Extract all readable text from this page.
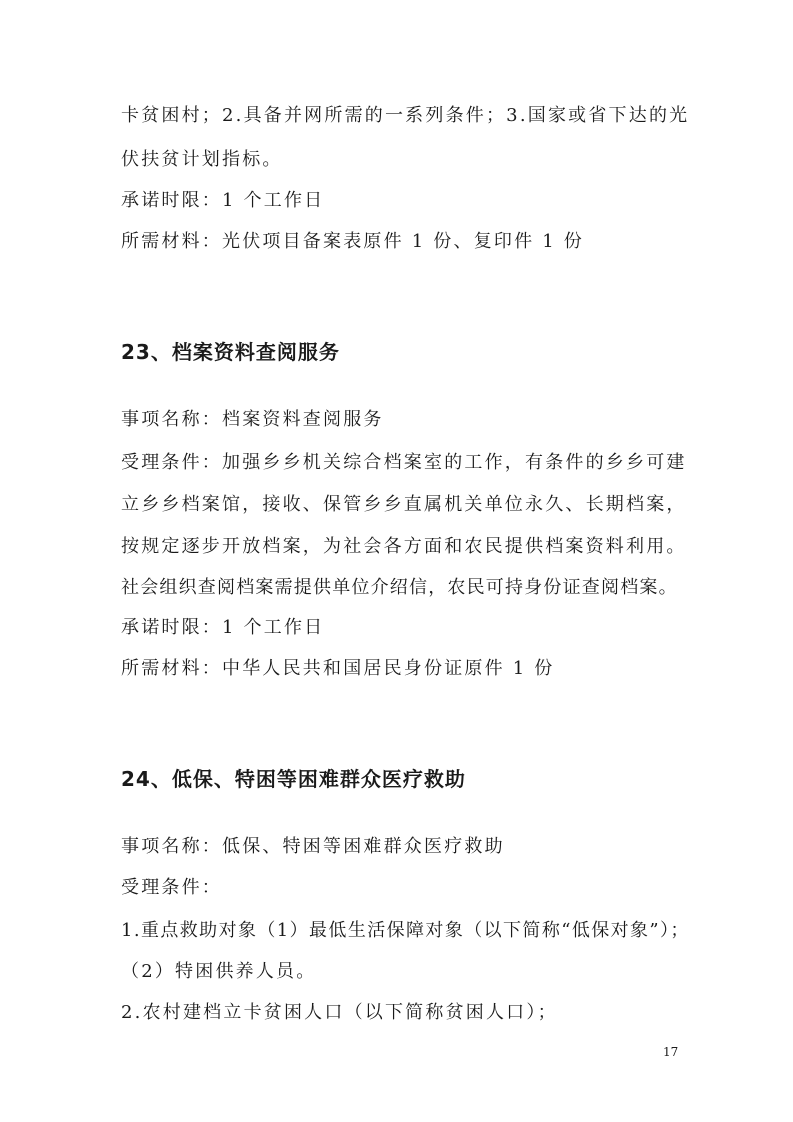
卡贫困村；2.具备并网所需的一系列条件；3.国家或省下达的光
伏扶贫计划指标。
承诺时限：1 个工作日
所需材料：光伏项目备案表原件 1 份、复印件 1 份
23、档案资料查阅服务
事项名称：档案资料查阅服务
受理条件：加强乡乡机关综合档案室的工作，有条件的乡乡可建
立乡乡档案馆，接收、保管乡乡直属机关单位永久、长期档案，
按规定逐步开放档案，为社会各方面和农民提供档案资料利用。
社会组织查阅档案需提供单位介绍信，农民可持身份证查阅档案。
承诺时限：1 个工作日
所需材料：中华人民共和国居民身份证原件 1 份
24、低保、特困等困难群众医疗救助
事项名称：低保、特困等困难群众医疗救助
受理条件：
1.重点救助对象（1）最低生活保障对象（以下简称“低保对象”）；
（2）特困供养人员。
2.农村建档立卡贫困人口（以下简称贫困人口）；
17
